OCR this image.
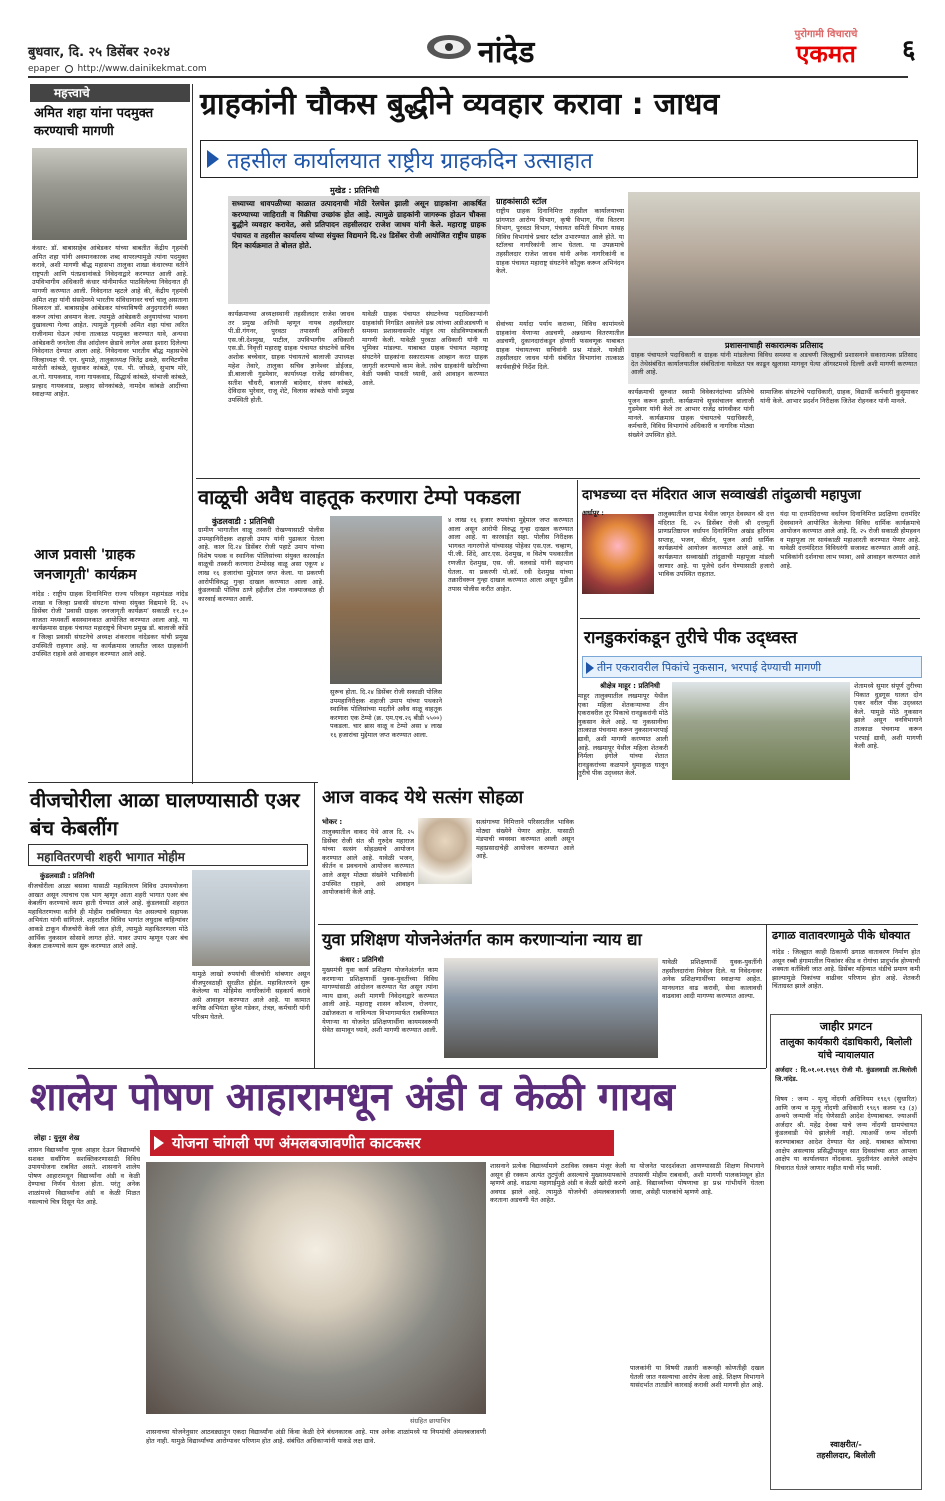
बुधवार, दि. २५ डिसेंबर २०२४	नांदेड
पुरोगामी विचाराचे
एकमत	६
epaper http://www.dainikekmat.com
महत्त्वाचे
अमित शहा यांना पदमुक्त करण्याची मागणी
कंधार: डॉ. बाबासाहेब आंबेडकर यांच्या बाबतीत केंद्रीय गृहमंत्री अमित शहा यांनी अवमानकारक शब्द वापरल्यामुळे त्यांना पदमुक्त करावे, अशी मागणी बौद्ध महासभा तालुका शाखा कंधारच्या वतीने राष्ट्रपती आणि पंतप्रधानांकडे निवेदनाद्वारे करण्यात आली आहे. उपविभागीय अधिकारी कंधार यांनीमार्फत पाठविलेल्या निवेदनात ही मागणी करण्यात आली. निवेदनात म्हटले आहे की, केंद्रीय गृहमंत्री अमित शहा यांनी संसदेमध्ये भारतीय संविधानावर चर्चा चालू असताना विश्वरत्न डॉ. बाबासाहेब आंबेडकर यांच्याविषयी अनुदगारांनी व्यक्त करून त्यांचा अवमान केला. त्यामुळे आंबेडकरी अनुयायांच्या भावना दुखावल्या गेल्या आहेत. त्यामुळे गृहमंत्री अमित शहा यांचा त्वरित राजीनामा घेऊन त्यांना तात्काळ पदमुक्त करण्यात यावे, अन्यथा आंबेडकरी जनतेला तीव्र आंदोलन छेडावे लागेल असा इशारा दिलेल्या निवेदनात देण्यात आला आहे. निवेदनावर भारतीय बौद्ध महासभेचे जिल्हाध्यक्ष पी. एन. धुमाळे, तालुकाध्यक्ष जितेंद्र ढवळे, सरचिटणीस मारोती कांबळे, सुधाकर कांबळे, एस. पी. जोंधळे, सुभाष मोरे, अ.गो. गायकवाड, नाना गायकवाड, सिद्धार्थ कांबळे, संभाजी कांबळे, प्रल्हाद गायकवाड, प्रल्हाद सोनकांबळे, नामदेव कांबळे आदींच्या स्वाक्षऱ्या आहेत.
आज प्रवासी 'ग्राहक जनजागृती' कार्यक्रम
नांदेड : राष्ट्रीय ग्राहक दिनानिमित्त राज्य परिवहन महामंडळ नांदेड शाखा व जिल्हा प्रवासी संघटना यांच्या संयुक्त विद्यमाने दि. २५ डिसेंबर रोजी 'प्रवासी ग्राहक जनजागृती कार्यक्रम' सकाळी ११.३० वाजता मध्यवर्ती बसस्थानकात आयोजित करण्यात आला आहे. या कार्यक्रमास ग्राहक पंचायत महाराष्ट्रचे विभाग प्रमुख डॉ. बालाजी कोंडे व जिल्हा प्रवासी संघटनेचे अध्यक्ष शंकरराव नांदेडकर यांची प्रमुख उपस्थिती राहणार आहे. या कार्यक्रमास जास्तीत जास्त ग्राहकांनी उपस्थित राहावे असे आवाहन करण्यात आले आहे.
ग्राहकांनी चौकस बुद्धीने व्यवहार करावा : जाधव
तहसील कार्यालयात राष्ट्रीय ग्राहकदिन उत्साहात
मुखेड : प्रतिनिधी
सध्याच्या धावपळीच्या काळात उत्पादनाची मोठी रेलचेल झाली असून ग्राहकांना आकर्षित करण्याच्या जाहिराती व विक्रीचा उच्छांक होत आहे. त्यामुळे ग्राहकांनी जागरूक होऊन चौकस बुद्धीने व्यवहार करावेत, असे प्रतिपादन तहसीलदार राजेश जाधव यांनी केले. महाराष्ट्र ग्राहक पंचायत व तहसील कार्यालय यांच्या संयुक्त विद्यमाने दि.२४ डिसेंबर रोजी आयोजित राष्ट्रीय ग्राहक दिन कार्यक्रमात ते बोलत होते.
ग्राहकांसाठी स्टॉल
राष्ट्रीय ग्राहक दिनानिमित्त तहसील कार्यालयाच्या प्रांगणात आरोग्य विभाग, कृषी विभाग, गॅस वितरण विभाग, पुरवठा विभाग, पंचायत समिती विभाग यासह विविध विभागांचे प्रचार स्टॉल उभारण्यात आले होते. या स्टॉलचा नागरिकांनी लाभ घेतला. या उपक्रमाचे तहसीलदार राजेश जाधव यांनी अनेक नागरिकांनी व ग्राहक पंचायत महाराष्ट्र संघटनेने कौतुक करून अभिनंदन केले.
प्रशासनाचाही सकारात्मक प्रतिसाद
ग्राहक पंचायतने पदाधिकारी व ग्राहक यांनी मांडलेल्या विविध समस्या व अडचणी जिल्ह्याची प्रशासनाने सकारात्मक प्रतिसाद देत तेथेसंबंधित कार्यालयातील संबंधितांना यावेळत पत्र काढून खुलासा मागवून येत्या ऑगस्टमध्ये दिल्ली अशी मागणी करण्यात आली आहे.
कार्यक्रमाच्या अध्यक्षस्थानी तहसीलदार राजेश जाधव तर प्रमुख अतिथी म्हणून नायब तहसीलदार पी.डी.गंगनर, पुरवठा तपासणी अधिकारी एस.जी.देशमुख, पाटील, उपविभागीय अधिकारी एस.डी. निवृत्ती महाराष्ट्र ग्राहक पंचायत संघटनेचे सचिव अशोक बच्चेवार, ग्राहक पंचायतचे बालाजी उपाध्यक्ष महेश तेवारे, तालुका सचिव ज्ञानेश्वर डोईजड, डी.बालाजी गुडमेवार, कार्याध्यक्ष राजेंद्र सांगवीकर, सतीश चौधरी, बालाजी बादेवार, संजय कांबळे, देविदास भुरेवार, राजू शेटे, विलास कांबळे यांची प्रमुख उपस्थिती होती.
यावेळी ग्राहक पंचायत संघटनेच्या पदाधिकाऱ्यांनी ग्राहकांसी निगडित असलेले प्रश्न त्यांच्या अडीअडचणी व समस्या प्रशासनासमोर मांडून त्या सोडविण्याबाबती मागणी केली. यावेळी पुरवठा अधिकारी यांनी या भूमिका मांडल्या. याबाबत ग्राहक पंचायत महाराष्ट्र संघटनेने ग्राहकांना सकारात्मक आव्हान करत ग्राहक जागृती करण्याचे काम केले. तसेच ग्राहकांनी खरेदीच्या वेळी पक्की पावती घ्यावी, असे आवाहन करण्यात आले.
सेवांच्या मर्यादा पर्याय कराव्या, विविध कामांमध्ये ग्राहकांना येणाऱ्या अडचणी, अन्नधान्य वितरणातील अडचणी, दुकानदारांकडून होणारी फसवणूक याबाबत ग्राहक पंचायतच्या सचिवांनी प्रश्न मांडले. यावेळी तहसीलदार जाधव यांनी संबंधित विभागांना तात्काळ कार्यवाहीचे निर्देश दिले.
कार्यक्रमाची सुरुवात स्वामी विवेकानंदांच्या प्रतिमेचे पूजन करून झाली. कार्यक्रमाचे सूत्रसंचालन बालाजी गुडमेवार यांनी केले तर आभार राजेंद्र सांगवीकर यांनी मानले. कार्यक्रमास ग्राहक पंचायतचे पदाधिकारी, कर्मचारी, विविध विभागांचे अधिकारी व नागरिक मोठ्या संख्येने उपस्थित होते.
सामाजिक संघटनेचे पदाधिकारी, ग्राहक, विद्यार्थी कर्मचारी कुसुमाकर यांनी केले. आभार प्रदर्शन निरीक्षक जितेश रोहनकर यांनी मानले.
वाळूची अवैध वाहतूक करणारा टेम्पो पकडला
कुंडलवाडी : प्रतिनिधी
ग्रामीण भागातील वाळू तस्करी रोखण्यासाठी पोलीस उपमहानिरीक्षक शहाजी उमाप यांनी पुढाकार घेतला आहे. काल दि.२४ डिसेंबर रोजी पहाटे उमाप यांच्या विशेष पथक व स्थानिक पोलिसांच्या संयुक्त कारवाईत वाळूची तस्करी करणारा टेम्पोसह वाळू असा एकूण ४ लाख १६ हजारांचा मुद्देमाल जप्त केला. या प्रकरणी आरोपीविरुद्ध गुन्हा दाखल करण्यात आला आहे. कुंडलवाडी पोलिस ठाणे हद्दीतील टोल नाक्याजवळ ही कारवाई करण्यात आली.
सुरूच होता. दि.२४ डिसेंबर रोजी सकाळी पोलिस उपमहानिरीक्षक शहाजी उमाप यांच्या पथकाने स्थानिक पोलिसांच्या मदतीने अवैध वाळू वाहतूक करणारा एक टेम्पो (क्र. एम.एच.२६ बीडी ५५००) पकडला. चार ब्रास वाळू व टेम्पो असा ४ लाख १६ हजारांचा मुद्देमाल जप्त करण्यात आला.
४ लाख १६ हजार रुपयांचा मुद्देमाल जप्त करण्यात आला असून आरोपी विरुद्ध गुन्हा दाखल करण्यात आला आहे. या कारवाईत सहा. पोलीस निरीक्षक भागवत नागरगोजे यांच्यासह पोहेका एस.एल. चव्हाण, पी.जी. शिंदे, आर.एस. देशमुख, व विशेष पथकातील रणजीत देशमुख, एस. जी. वलवाडे यांनी सहभाग घेतला. या प्रकरणी पो.कॉ. रवी देशमुख यांच्या तक्रारीवरून गुन्हा दाखल करण्यात आला असून पुढील तपास पोलीस करीत आहेत.
दाभडच्या दत्त मंदिरात आज सव्वाखंडी तांदुळाची महापुजा
अर्धापूर :	तालुक्यातील दाभड येथील जागृत देवस्थान श्री दत्त मंदिरात दि. २५ डिसेंबर रोजी श्री दत्तमूर्ती प्राणप्रतिष्ठापन वर्धापन दिनानिमित्त अखंड हरिनाम सप्ताह, भजन, कीर्तन, पूजन आदी धार्मिक कार्यक्रमांचे आयोजन करण्यात आले आहे. या कार्यक्रमात सव्वाखंडी तांदुळाची महापूजा मांडली जाणार आहे. या पूजेचे दर्शन घेण्यासाठी हजारो भाविक उपस्थित राहतात.
यंदा या दत्तमंदिराच्या वर्धापन दिनानिमित्त प्रदक्षिणा दत्तमंदिर देवस्थानने आयोजित केलेल्या विविध धार्मिक कार्यक्रमाचे आयोजन करण्यात आले आहे. दि. २५ रोजी सकाळी होमहवन व महापूजा तर सायंकाळी महाआरती करण्यात येणार आहे. यावेळी दत्तमंदिरात विविधरंगी सजावट करण्यात आली आहे. भाविकांनी दर्शनाचा लाभ घ्यावा, असे आवाहन करण्यात आले आहे.
रानडुकरांकडून तुरीचे पीक उद्ध्वस्त
तीन एकरावरील पिकांचे नुकसान, भरपाई देण्याची मागणी
श्रीक्षेत्र माहूर : प्रतिनिधी
माहूर तालुक्यातील लखमापूर येथील एका महिला शेतकऱ्याच्या तीन एकरावरील तूर पिकाचे रानडुकरांनी मोठे नुकसान केले आहे. या नुकसानीचा तात्काळ पंचनामा करून नुकसानभरपाई द्यावी, अशी मागणी करण्यात आली आहे. लखमापूर येथील महिला शेतकरी निर्मला इंगोले यांच्या शेतात रानडुकरांच्या कळपाने धुमाकूळ घालून तुरीचे पीक उद्ध्वस्त केले.
शेतामध्ये सुमार संपूर्ण तुरीच्या पिकात धुडगूस घालत दोन एकर वरील पीक उद्ध्वस्त केले. यामुळे मोठे नुकसान झाले असून वनविभागाने तात्काळ पंचनामा करून भरपाई द्यावी, अशी मागणी केली आहे.
वीजचोरीला आळा घालण्यासाठी एअर बंच केबलींग
महावितरणची शहरी भागात मोहीम
कुंडलवाडी : प्रतिनिधी
वीजचोरीला आळा बसावा यासाठी महावितरण विविध उपाययोजना आखत असून त्याचाच एक भाग म्हणून आता शहरी भागात एअर बंच केबलींग करण्याचे काम हाती घेण्यात आले आहे. कुंडलवाडी शहरात महावितरणच्या वतीने ही मोहीम राबविण्यात येत असल्याचे सहायक अभियंता यांनी सांगितले. शहरातील विविध भागांत लघुदाब वाहिन्यांवर आकडे टाकून वीजचोरी केली जात होती, त्यामुळे महावितरणला मोठे आर्थिक नुकसान सोसावे लागत होते. यावर उपाय म्हणून एअर बंच केबल टाकण्याचे काम सुरू करण्यात आले आहे.
यामुळे लाखो रुपयांची वीजचोरी थांबणार असून वीजपुरवठाही सुरळीत होईल. महावितरणने सुरू केलेल्या या मोहिमेस नागरिकांनी सहकार्य करावे असे आवाहन करण्यात आले आहे. या कामात कनिष्ठ अभियंता सुरेश गडेकर, तंत्रज्ञ, कर्मचारी यांनी परिश्रम घेतले.
आज वाकद येथे सत्संग सोहळा
भोकर :
तालुक्यातील वाकद येथे आज दि. २५ डिसेंबर रोजी संत श्री गुरुदेव महाराज यांच्या सत्संग सोहळ्याचे आयोजन करण्यात आले आहे. यावेळी भजन, कीर्तन व प्रवचनाचे आयोजन करण्यात आले असून मोठ्या संख्येने भाविकांनी उपस्थित राहावे, असे आवाहन आयोजकांनी केले आहे.
सत्संगाच्या निमित्ताने परिसरातील भाविक मोठ्या संख्येने येणार आहेत. यासाठी मंडपाची व्यवस्था करण्यात आली असून महाप्रसादाचेही आयोजन करण्यात आले आहे.
युवा प्रशिक्षण योजनेअंतर्गत काम करणाऱ्यांना न्याय द्या
कंधार : प्रतिनिधी
मुख्यमंत्री युवा कार्य प्रशिक्षण योजनेअंतर्गत काम करणाऱ्या प्रशिक्षणार्थी युवक-युवतींच्या विविध मागण्यांसाठी आंदोलन करण्यात येत असून त्यांना न्याय द्यावा, अशी मागणी निवेदनाद्वारे करण्यात आली आहे. महाराष्ट्र शासन कौशल्य, रोजगार, उद्योजकता व नाविन्यता विभागामार्फत राबविण्यात येणाऱ्या या योजनेत प्रशिक्षणार्थीना कायमस्वरूपी सेवेत सामावून घ्यावे, अशी मागणी करण्यात आली.
यावेळी प्रशिक्षणार्थी युवक-युवतींनी तहसीलदारांना निवेदन दिले. या निवेदनावर अनेक प्रशिक्षणार्थींच्या स्वाक्षऱ्या आहेत. मानधनात वाढ करावी, सेवा कालावधी वाढवावा आदी मागण्या करण्यात आल्या.
ढगाळ वातावरणामुळे पीके धोक्यात
नांदेड : जिल्ह्यात काही ठिकाणी ढगाळ वातावरण निर्माण होत असून रब्बी हंगामातील पिकांवर कीड व रोगांचा प्रादुर्भाव होण्याची शक्यता वर्तविली जात आहे. डिसेंबर महिन्यात थंडीचे प्रमाण कमी झाल्यामुळे पिकांच्या वाढीवर परिणाम होत आहे. शेतकरी चिंताग्रस्त झाले आहेत.
जाहीर प्रगटन
तालुका कार्यकारी दंडाधिकारी, बिलोली यांचे न्यायालयात
अर्जदार : दि.०१.०१.१९६९ रोजी मौ. कुंडलवाडी ता.बिलोली जि.नांदेड.
विषय : जन्म - मृत्यू नोंदणी अधिनियम १९६९ (सुधारित) आणि जन्म व मृत्यू नोंदणी अधिकारी १९६९ कलम १३ (३) अन्वये जन्माची नोंद घेणेसाठी आदेश देण्याबाबत. ज्याअर्थी अर्जदार श्री. महेंद्र देवबा याचे जन्म नोंदणी ग्रामपंचायत कुंडलवाडी येथे झालेली नाही. त्याअर्थी जन्म नोंदणी करण्याबाबत आदेश देण्यात येत आहे. याबाबत कोणाचा आक्षेप असल्यास प्रसिद्धीपासून सात दिवसांच्या आत आपला आक्षेप या कार्यालयात नोंदवावा. मुदतीनंतर आलेले आक्षेप विचारात घेतले जाणार नाहीत याची नोंद घ्यावी.
स्वाक्षरीत/-
तहसीलदार, बिलोली
शालेय पोषण आहारामधून अंडी व केळी गायब
योजना चांगली पण अंमलबजावणीत काटकसर
लोहा : युनूस शेख
शासन विद्यार्थ्यांना पूरक आहार देऊन विद्यार्थ्यांचे सशक्त सर्वांगिण सशक्तिकरणासाठी विविध उपाययोजना राबवित असते. शासनाने शालेय पोषण आहारामधून विद्यार्थ्यांना अंडी व केळी देण्याचा निर्णय घेतला होता. परंतु अनेक शाळांमध्ये विद्यार्थ्यांना अंडी व केळी मिळत नसल्याचे चित्र दिसून येत आहे.
संग्रहित छायाचित्र
शासनाच्या योजनेनुसार आठवड्यातून एकदा विद्यार्थ्यांना अंडी किंवा केळी देणे बंधनकारक आहे. मात्र अनेक शाळांमध्ये या नियमांची अंमलबजावणी होत नाही. यामुळे विद्यार्थ्यांच्या आरोग्यावर परिणाम होत आहे. संबंधित अधिकाऱ्यांनी याकडे लक्ष द्यावे.
शासनाने प्रत्येक विद्यार्थ्यामागे ठराविक रक्कम मंजूर केली असून ही रक्कम अत्यंत तुटपुंजी असल्याचे मुख्याध्यापकांचे म्हणणे आहे. वाढत्या महागाईमुळे अंडी व केळी खरेदी करणे अवघड झाले आहे. त्यामुळे योजनेची अंमलबजावणी करताना अडचणी येत आहेत.
या योजनेत पारदर्शकता आणण्यासाठी शिक्षण विभागाने तपासणी मोहीम राबवावी, अशी मागणी पालकांमधून होत आहे. विद्यार्थ्यांच्या पोषणाचा हा प्रश्न गांभीर्याने घेतला जावा, असेही पालकांचे म्हणणे आहे.
पालकांनी या विषयी तक्रारी करूनही कोणतीही दखल घेतली जात नसल्याचा आरोप केला आहे. शिक्षण विभागाने यासंदर्भात तातडीने कारवाई करावी अशी मागणी होत आहे.
